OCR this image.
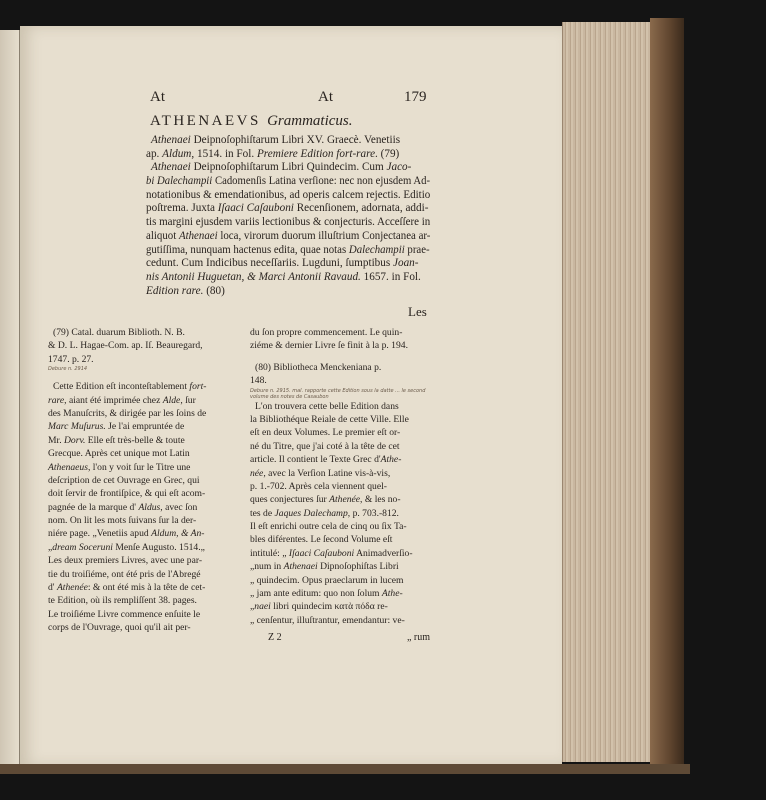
At	At	179
ATHENAEVS Grammaticus.
Athenaei Deipnoſophiſtarum Libri XV. Graecè. Venetiis
ap. Aldum, 1514. in Fol. Premiere Edition fort-rare. (79)
Athenaei Deipnoſophiſtarum Libri Quindecim. Cum Jaco-
bi Dalechampii Cadomenſis Latina verſione: nec non ejusdem Ad-
notationibus & emendationibus, ad operis calcem rejectis. Editio
poſtrema. Juxta Iſaaci Caſauboni Recenſionem, adornata, addi-
tis margini ejusdem variis lectionibus & conjecturis. Acceſſere in
aliquot Athenaei loca, virorum duorum illuſtrium Conjectanea ar-
gutiſſima, nunquam hactenus edita, quae notas Dalechampii prae-
cedunt. Cum Indicibus neceſſariis. Lugduni, ſumptibus Joan-
nis Antonii Huguetan, & Marci Antonii Ravaud. 1657. in Fol.
Edition rare. (80)
Les
(79) Catal. duarum Biblioth. N. B.
& D. L. Hagae-Com. ap. Iſ. Beauregard,
1747. p. 27.
Debure n. 2914
Cette Edition eſt inconteſtablement fort-
rare, aiant été imprimée chez Alde, ſur
des Manuſcrits, & dirigée par les ſoins de
Marc Muſurus. Je l'ai empruntée de
Mr. Dorv. Elle eſt très-belle & toute
Grecque. Après cet unique mot Latin
Athenaeus, l'on y voit ſur le Titre une
deſcription de cet Ouvrage en Grec, qui
doit ſervir de frontiſpice, & qui eſt acom-
pagnée de la marque d' Aldus, avec ſon
nom. On lit les mots ſuivans ſur la der-
niére page. „Venetiis apud Aldum, & An-
„dream Soceruni Menſe Augusto. 1514.„
Les deux premiers Livres, avec une par-
tie du troiſiéme, ont été pris de l'Abregé
d' Athenée: & ont été mis à la tête de cet-
te Edition, où ils rempliſſent 38. pages.
Le troiſiéme Livre commence enſuite le
corps de l'Ouvrage, quoi qu'il ait per-
du ſon propre commencement. Le quin-
ziéme & dernier Livre ſe finit à la p. 194.
(80) Bibliotheca Menckeniana p.
148.
Debure n. 2915. mal. rapporte cette Edition sous la datte ... le second volume des notes de Casaubon
L'on trouvera cette belle Edition dans
la Bibliothéque Reiale de cette Ville. Elle
eſt en deux Volumes. Le premier eſt or-
né du Titre, que j'ai coté à la tête de cet
article. Il contient le Texte Grec d'Athe-
née, avec la Verſion Latine vis-à-vis,
p. 1.-702. Après cela viennent quel-
ques conjectures ſur Athenée, & les no-
tes de Jaques Dalechamp, p. 703.-812.
Il eſt enrichi outre cela de cinq ou ſix Ta-
bles diférentes. Le ſecond Volume eſt
intitulé: „ Iſaaci Caſauboni Animadverſio-
„num in Athenaei Dipnoſophiſtas Libri
„ quindecim. Opus praeclarum in lucem
„ jam ante editum: quo non ſolum Athe-
„naei libri quindecim κατὰ πόδα re-
„ cenſentur, illuſtrantur, emendantur: ve-
Z 2	„ rum
